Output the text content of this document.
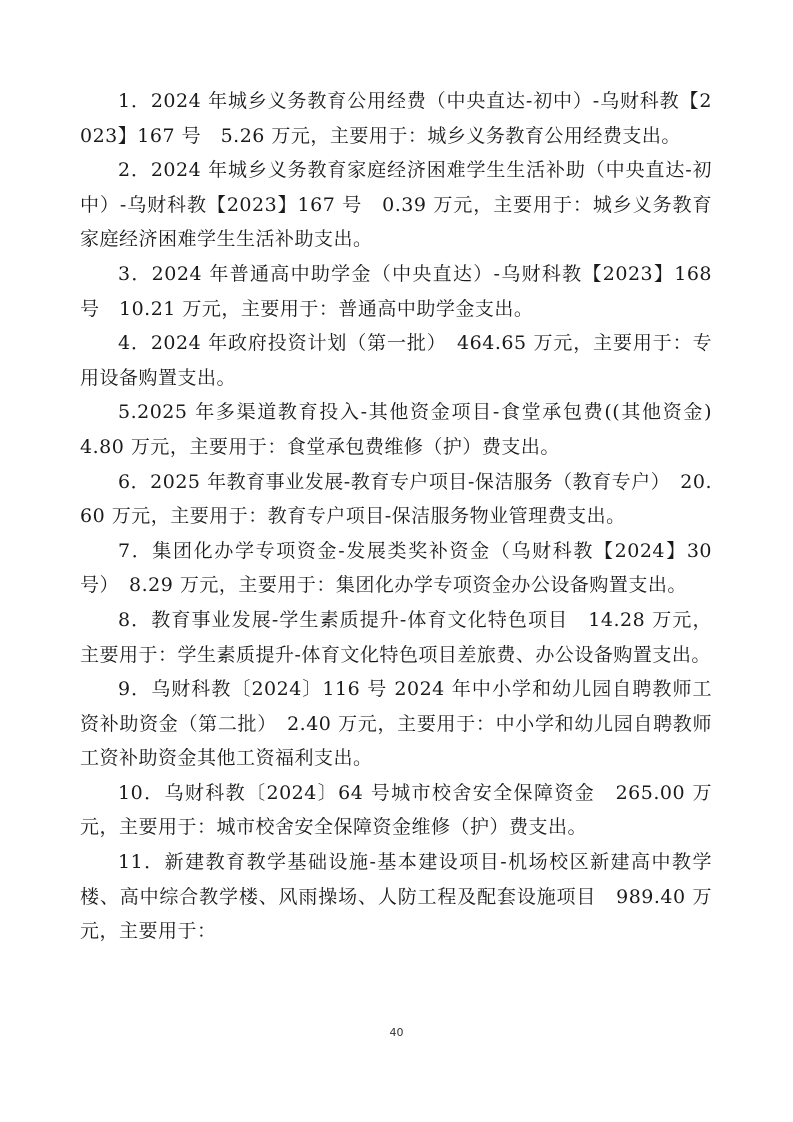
1．2024 年城乡义务教育公用经费（中央直达-初中）-乌财科教【2023】167 号　5.26 万元，主要用于：城乡义务教育公用经费支出。

2．2024 年城乡义务教育家庭经济困难学生生活补助（中央直达-初中）-乌财科教【2023】167 号　0.39 万元，主要用于：城乡义务教育家庭经济困难学生生活补助支出。

3．2024 年普通高中助学金（中央直达）-乌财科教【2023】168 号　10.21 万元，主要用于：普通高中助学金支出。

4．2024 年政府投资计划（第一批）　464.65 万元，主要用于：专用设备购置支出。

5.2025 年多渠道教育投入-其他资金项目-食堂承包费((其他资金)　4.80 万元，主要用于：食堂承包费维修（护）费支出。

6．2025 年教育事业发展-教育专户项目-保洁服务（教育专户）　20.60 万元，主要用于：教育专户项目-保洁服务物业管理费支出。

7．集团化办学专项资金-发展类奖补资金（乌财科教【2024】30 号）　8.29 万元，主要用于：集团化办学专项资金办公设备购置支出。

8．教育事业发展-学生素质提升-体育文化特色项目　14.28 万元，主要用于：学生素质提升-体育文化特色项目差旅费、办公设备购置支出。

9．乌财科教〔2024〕116 号 2024 年中小学和幼儿园自聘教师工资补助资金（第二批）　2.40 万元，主要用于：中小学和幼儿园自聘教师工资补助资金其他工资福利支出。

10．乌财科教〔2024〕64 号城市校舍安全保障资金　265.00 万元，主要用于：城市校舍安全保障资金维修（护）费支出。

11．新建教育教学基础设施-基本建设项目-机场校区新建高中教学楼、高中综合教学楼、风雨操场、人防工程及配套设施项目　989.40 万元，主要用于：

40
